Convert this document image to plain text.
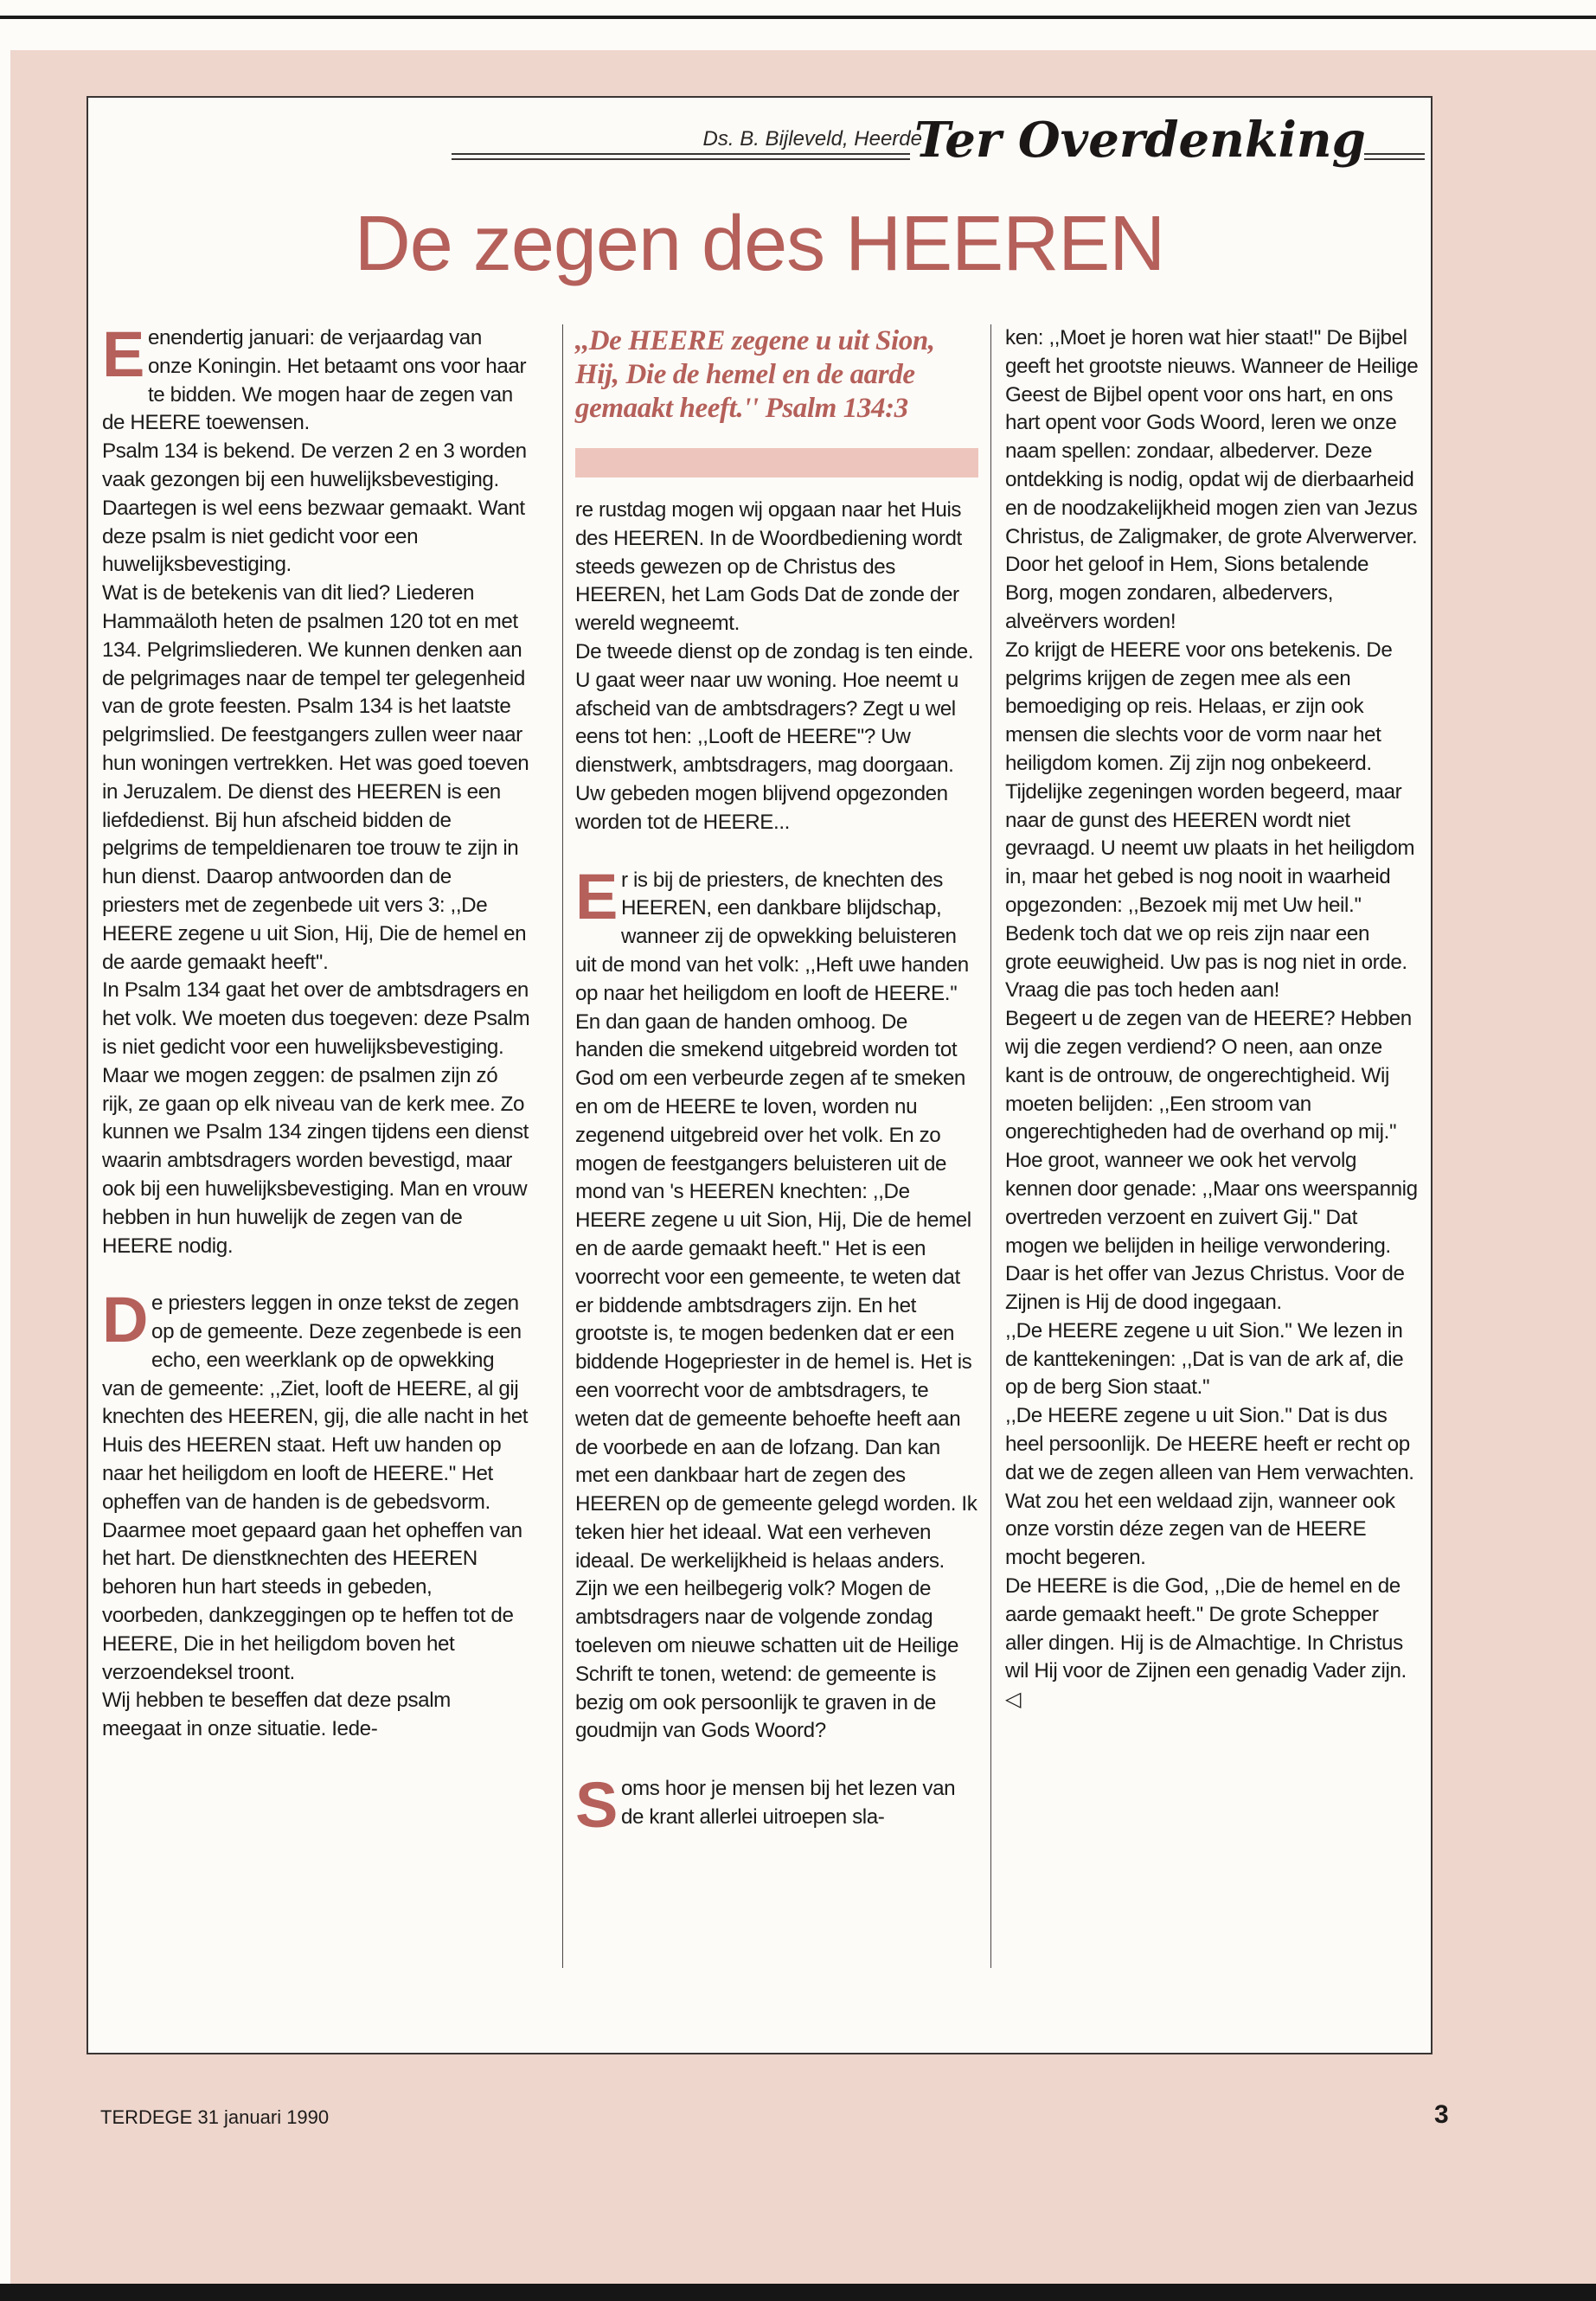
Ds. B. Bijleveld, Heerde
Ter Overdenking
De zegen des HEEREN

Eenendertig januari: de verjaardag van onze Koningin. Het betaamt ons voor haar te bidden. We mogen haar de zegen van de HEERE toewensen.

Psalm 134 is bekend. De verzen 2 en 3 worden vaak gezongen bij een huwelijksbevestiging. Daartegen is wel eens bezwaar gemaakt. Want deze psalm is niet gedicht voor een huwelijksbevestiging.

Wat is de betekenis van dit lied? Liederen Hammaäloth heten de psalmen 120 tot en met 134. Pelgrimsliederen. We kunnen denken aan de pelgrimages naar de tempel ter gelegenheid van de grote feesten. Psalm 134 is het laatste pelgrimslied. De feestgangers zullen weer naar hun woningen vertrekken. Het was goed toeven in Jeruzalem. De dienst des HEEREN is een liefdedienst. Bij hun afscheid bidden de pelgrims de tempeldienaren toe trouw te zijn in hun dienst. Daarop antwoorden dan de priesters met de zegenbede uit vers 3: ,,De HEERE zegene u uit Sion, Hij, Die de hemel en de aarde gemaakt heeft''.

In Psalm 134 gaat het over de ambtsdragers en het volk. We moeten dus toegeven: deze Psalm is niet gedicht voor een huwelijksbevestiging. Maar we mogen zeggen: de psalmen zijn zó rijk, ze gaan op elk niveau van de kerk mee. Zo kunnen we Psalm 134 zingen tijdens een dienst waarin ambtsdragers worden bevestigd, maar ook bij een huwelijksbevestiging. Man en vrouw hebben in hun huwelijk de zegen van de HEERE nodig.

De priesters leggen in onze tekst de zegen op de gemeente. Deze zegenbede is een echo, een weerklank op de opwekking van de gemeente: ,,Ziet, looft de HEERE, al gij knechten des HEEREN, gij, die alle nacht in het Huis des HEEREN staat. Heft uw handen op naar het heiligdom en looft de HEERE.'' Het opheffen van de handen is de gebedsvorm. Daarmee moet gepaard gaan het opheffen van het hart. De dienstknechten des HEEREN behoren hun hart steeds in gebeden, voorbeden, dankzeggingen op te heffen tot de HEERE, Die in het heiligdom boven het verzoendeksel troont.

Wij hebben te beseffen dat deze psalm meegaat in onze situatie. Iede-

,,De HEERE zegene u uit Sion, Hij, Die de hemel en de aarde gemaakt heeft.'' Psalm 134:3

re rustdag mogen wij opgaan naar het Huis des HEEREN. In de Woordbediening wordt steeds gewezen op de Christus des HEEREN, het Lam Gods Dat de zonde der wereld wegneemt.

De tweede dienst op de zondag is ten einde. U gaat weer naar uw woning. Hoe neemt u afscheid van de ambtsdragers? Zegt u wel eens tot hen: ,,Looft de HEERE''? Uw dienstwerk, ambtsdragers, mag doorgaan. Uw gebeden mogen blijvend opgezonden worden tot de HEERE...

Er is bij de priesters, de knechten des HEEREN, een dankbare blijdschap, wanneer zij de opwekking beluisteren uit de mond van het volk: ,,Heft uwe handen op naar het heiligdom en looft de HEERE.'' En dan gaan de handen omhoog. De handen die smekend uitgebreid worden tot God om een verbeurde zegen af te smeken en om de HEERE te loven, worden nu zegenend uitgebreid over het volk. En zo mogen de feestgangers beluisteren uit de mond van 's HEEREN knechten: ,,De HEERE zegene u uit Sion, Hij, Die de hemel en de aarde gemaakt heeft.'' Het is een voorrecht voor een gemeente, te weten dat er biddende ambtsdragers zijn. En het grootste is, te mogen bedenken dat er een biddende Hogepriester in de hemel is. Het is een voorrecht voor de ambtsdragers, te weten dat de gemeente behoefte heeft aan de voorbede en aan de lofzang. Dan kan met een dankbaar hart de zegen des HEEREN op de gemeente gelegd worden. Ik teken hier het ideaal. Wat een verheven ideaal. De werkelijkheid is helaas anders. Zijn we een heilbegerig volk? Mogen de ambtsdragers naar de volgende zondag toeleven om nieuwe schatten uit de Heilige Schrift te tonen, wetend: de gemeente is bezig om ook persoonlijk te graven in de goudmijn van Gods Woord?

Soms hoor je mensen bij het lezen van de krant allerlei uitroepen sla-

ken: ,,Moet je horen wat hier staat!'' De Bijbel geeft het grootste nieuws. Wanneer de Heilige Geest de Bijbel opent voor ons hart, en ons hart opent voor Gods Woord, leren we onze naam spellen: zondaar, albederver. Deze ontdekking is nodig, opdat wij de dierbaarheid en de noodzakelijkheid mogen zien van Jezus Christus, de Zaligmaker, de grote Alverwerver. Door het geloof in Hem, Sions betalende Borg, mogen zondaren, albedervers, alveërvers worden!

Zo krijgt de HEERE voor ons betekenis. De pelgrims krijgen de zegen mee als een bemoediging op reis. Helaas, er zijn ook mensen die slechts voor de vorm naar het heiligdom komen. Zij zijn nog onbekeerd. Tijdelijke zegeningen worden begeerd, maar naar de gunst des HEEREN wordt niet gevraagd. U neemt uw plaats in het heiligdom in, maar het gebed is nog nooit in waarheid opgezonden: ,,Bezoek mij met Uw heil.'' Bedenk toch dat we op reis zijn naar een grote eeuwigheid. Uw pas is nog niet in orde. Vraag die pas toch heden aan!

Begeert u de zegen van de HEERE? Hebben wij die zegen verdiend? O neen, aan onze kant is de ontrouw, de ongerechtigheid. Wij moeten belijden: ,,Een stroom van ongerechtigheden had de overhand op mij.'' Hoe groot, wanneer we ook het vervolg kennen door genade: ,,Maar ons weerspannig overtreden verzoent en zuivert Gij.'' Dat mogen we belijden in heilige verwondering. Daar is het offer van Jezus Christus. Voor de Zijnen is Hij de dood ingegaan.

,,De HEERE zegene u uit Sion.'' We lezen in de kanttekeningen: ,,Dat is van de ark af, die op de berg Sion staat.''

,,De HEERE zegene u uit Sion.'' Dat is dus heel persoonlijk. De HEERE heeft er recht op dat we de zegen alleen van Hem verwachten. Wat zou het een weldaad zijn, wanneer ook onze vorstin déze zegen van de HEERE mocht begeren.

De HEERE is die God, ,,Die de hemel en de aarde gemaakt heeft.'' De grote Schepper aller dingen. Hij is de Almachtige. In Christus wil Hij voor de Zijnen een genadig Vader zijn. ◁

TERDEGE 31 januari 1990	3
